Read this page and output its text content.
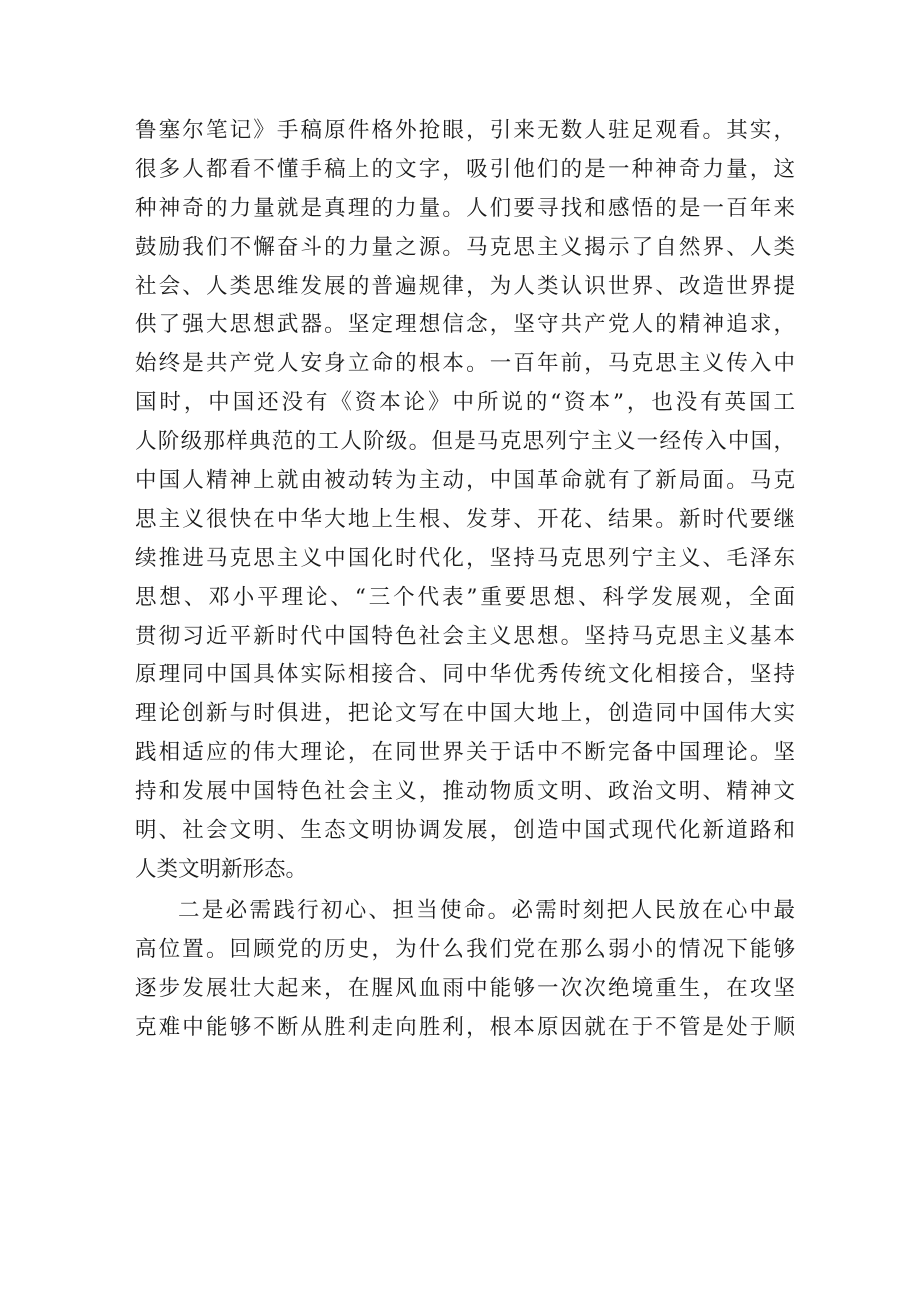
鲁塞尔笔记》手稿原件格外抢眼，引来无数人驻足观看。其实，
很多人都看不懂手稿上的文字，吸引他们的是一种神奇力量，这
种神奇的力量就是真理的力量。人们要寻找和感悟的是一百年来
鼓励我们不懈奋斗的力量之源。马克思主义揭示了自然界、人类
社会、人类思维发展的普遍规律，为人类认识世界、改造世界提
供了强大思想武器。坚定理想信念，坚守共产党人的精神追求，
始终是共产党人安身立命的根本。一百年前，马克思主义传入中
国时，中国还没有《资本论》中所说的“资本”，也没有英国工
人阶级那样典范的工人阶级。但是马克思列宁主义一经传入中国，
中国人精神上就由被动转为主动，中国革命就有了新局面。马克
思主义很快在中华大地上生根、发芽、开花、结果。新时代要继
续推进马克思主义中国化时代化，坚持马克思列宁主义、毛泽东
思想、邓小平理论、“三个代表”重要思想、科学发展观，全面
贯彻习近平新时代中国特色社会主义思想。坚持马克思主义基本
原理同中国具体实际相接合、同中华优秀传统文化相接合，坚持
理论创新与时俱进，把论文写在中国大地上，创造同中国伟大实
践相适应的伟大理论，在同世界关于话中不断完备中国理论。坚
持和发展中国特色社会主义，推动物质文明、政治文明、精神文
明、社会文明、生态文明协调发展，创造中国式现代化新道路和
人类文明新形态。
二是必需践行初心、担当使命。必需时刻把人民放在心中最
高位置。回顾党的历史，为什么我们党在那么弱小的情况下能够
逐步发展壮大起来，在腥风血雨中能够一次次绝境重生，在攻坚
克难中能够不断从胜利走向胜利，根本原因就在于不管是处于顺
